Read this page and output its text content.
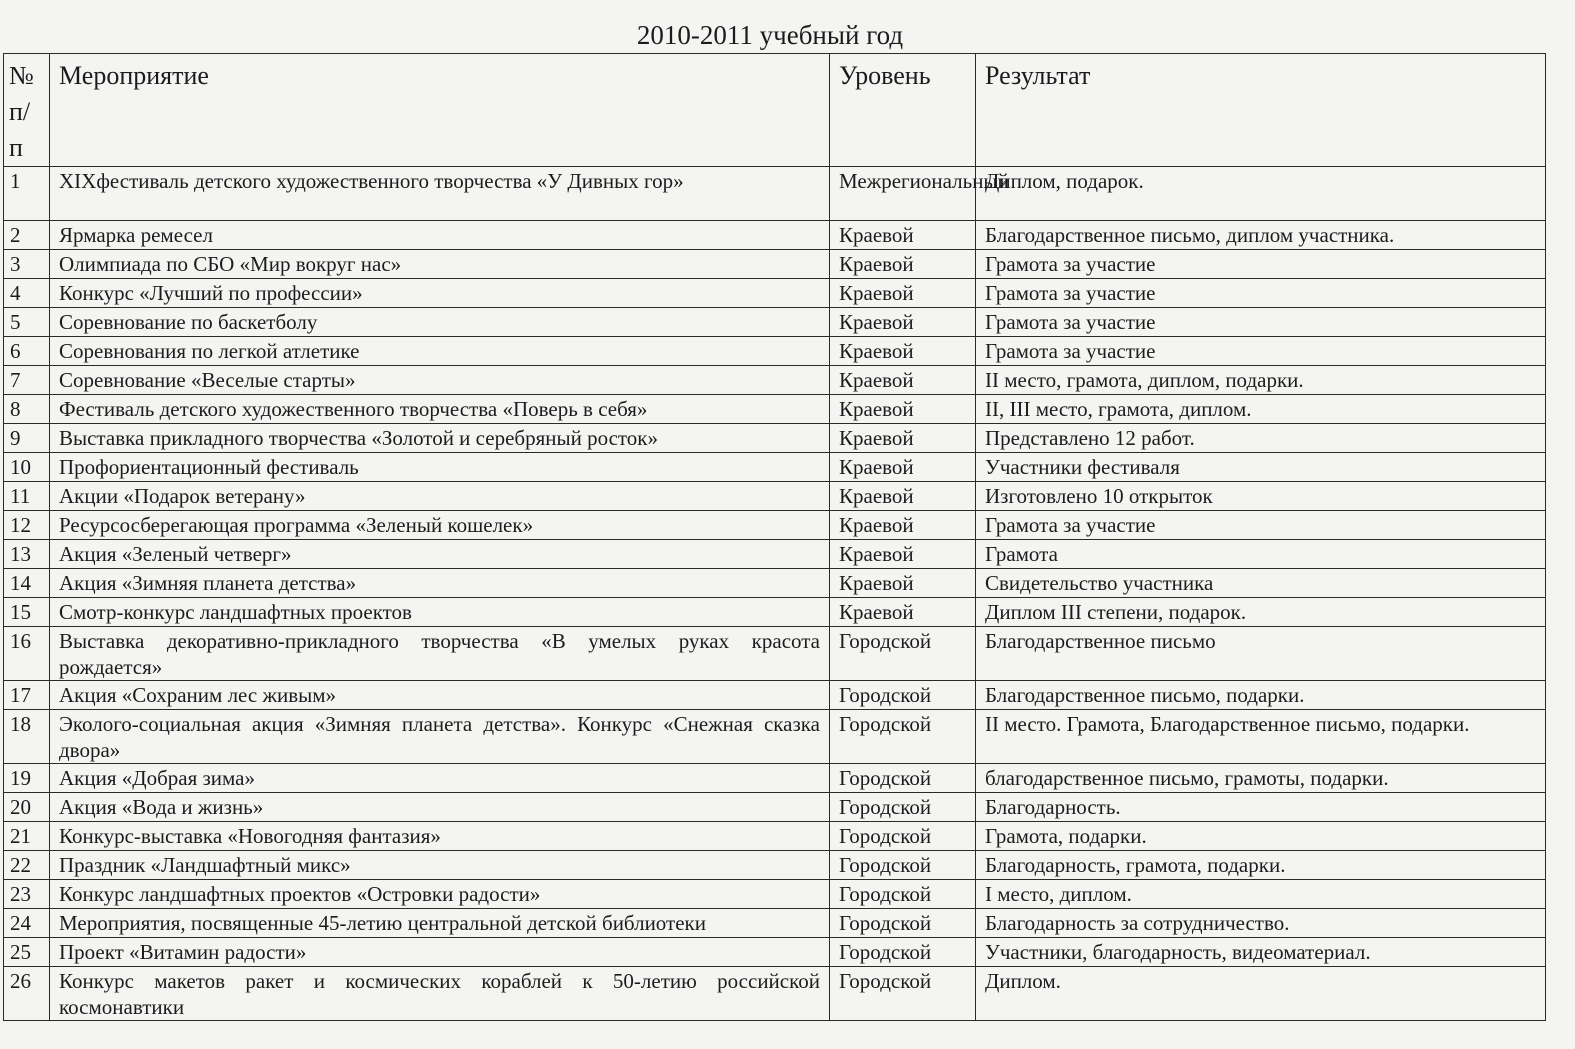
2010-2011 учебный год
№ п/ п	Мероприятие	Уровень	Результат
1	XIXфестиваль детского художественного творчества «У Дивных гор»	Межрегиональный	Диплом, подарок.
2	Ярмарка ремесел	Краевой	Благодарственное письмо, диплом участника.
3	Олимпиада по СБО «Мир вокруг нас»	Краевой	Грамота за участие
4	Конкурс «Лучший по профессии»	Краевой	Грамота за участие
5	Соревнование по баскетболу	Краевой	Грамота за участие
6	Соревнования по легкой атлетике	Краевой	Грамота за участие
7	Соревнование «Веселые старты»	Краевой	II место, грамота, диплом, подарки.
8	Фестиваль детского художественного творчества «Поверь в себя»	Краевой	II, III место, грамота, диплом.
9	Выставка прикладного творчества «Золотой и серебряный росток»	Краевой	Представлено 12 работ.
10	Профориентационный фестиваль	Краевой	Участники фестиваля
11	Акции «Подарок ветерану»	Краевой	Изготовлено 10 открыток
12	Ресурсосберегающая программа «Зеленый кошелек»	Краевой	Грамота за участие
13	Акция «Зеленый четверг»	Краевой	Грамота
14	Акция «Зимняя планета детства»	Краевой	Свидетельство участника
15	Смотр-конкурс ландшафтных проектов	Краевой	Диплом III степени, подарок.
16	Выставка декоративно-прикладного творчества «В умелых руках красота рождается»	Городской	Благодарственное письмо
17	Акция «Сохраним лес живым»	Городской	Благодарственное письмо, подарки.
18	Эколого-социальная акция «Зимняя планета детства». Конкурс «Снежная сказка двора»	Городской	II место. Грамота, Благодарственное письмо, подарки.
19	Акция «Добрая зима»	Городской	благодарственное письмо, грамоты, подарки.
20	Акция «Вода и жизнь»	Городской	Благодарность.
21	Конкурс-выставка «Новогодняя фантазия»	Городской	Грамота, подарки.
22	Праздник «Ландшафтный микс»	Городской	Благодарность, грамота, подарки.
23	Конкурс ландшафтных проектов «Островки радости»	Городской	I место, диплом.
24	Мероприятия, посвященные 45-летию центральной детской библиотеки	Городской	Благодарность за сотрудничество.
25	Проект «Витамин радости»	Городской	Участники, благодарность, видеоматериал.
26	Конкурс макетов ракет и космических кораблей к 50-летию российской космонавтики	Городской	Диплом.
